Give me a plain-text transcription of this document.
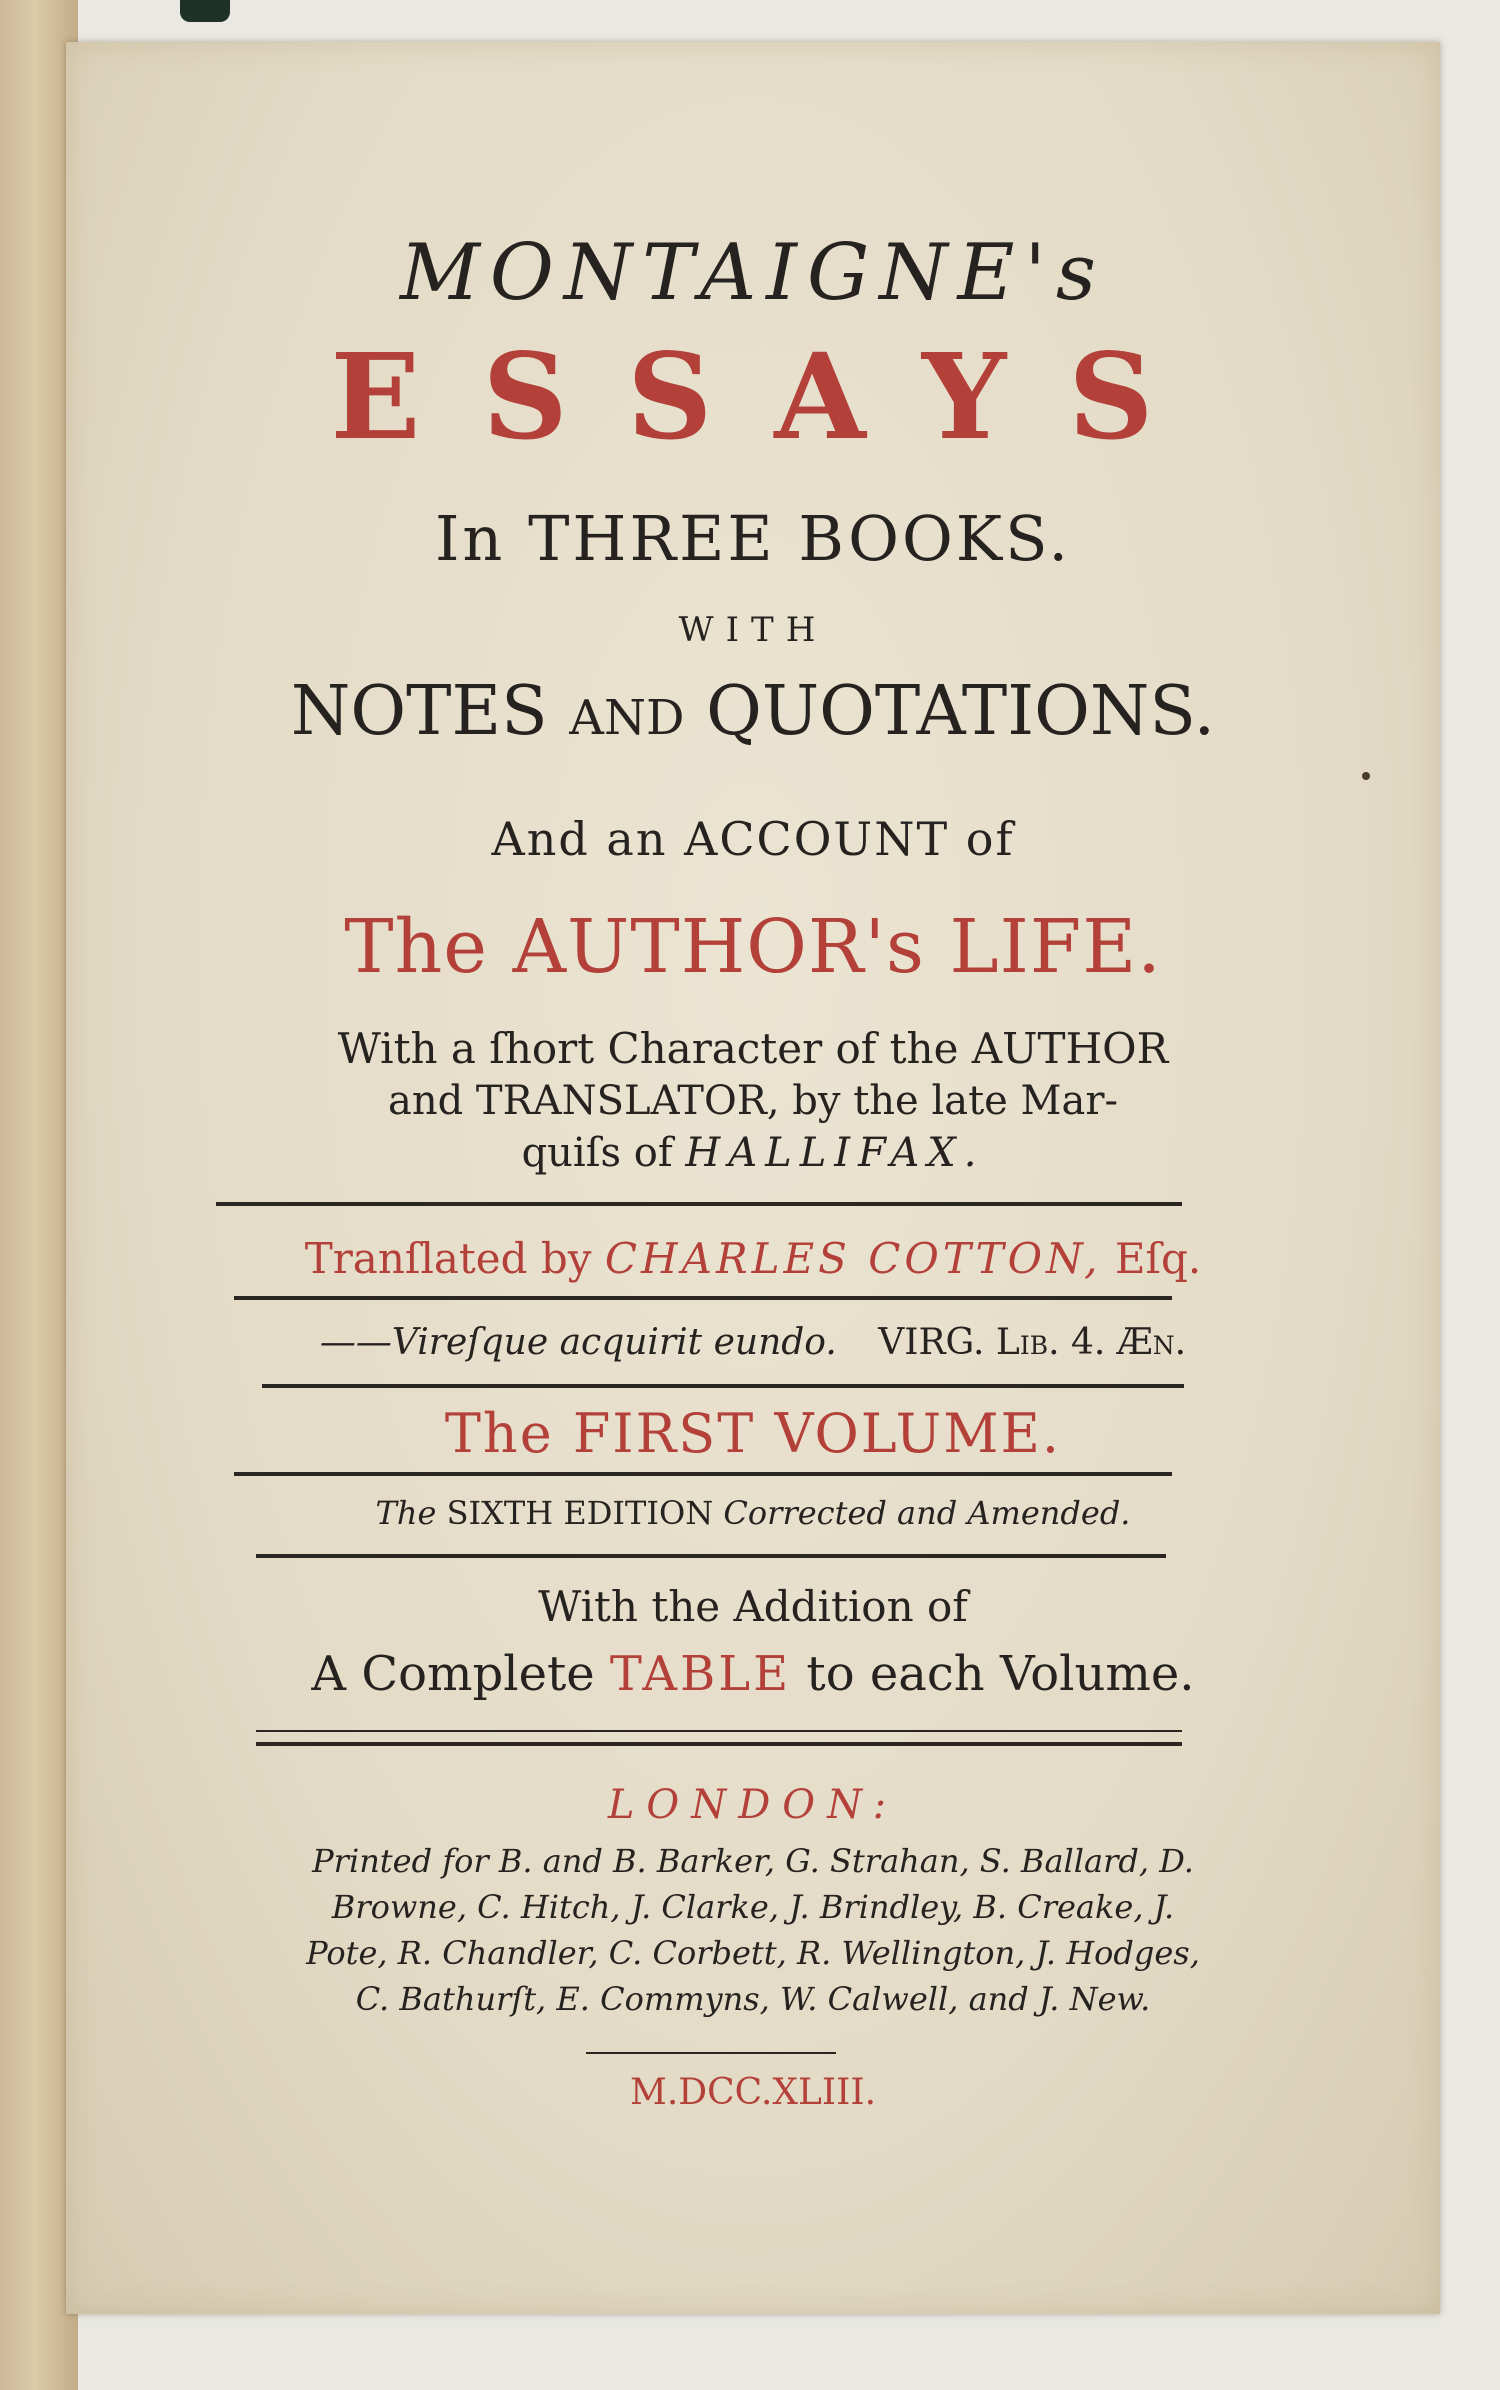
MONTAIGNE's
ESSAYS
In THREE BOOKS.
WITH
NOTES and QUOTATIONS.
And an ACCOUNT of
The AUTHOR's LIFE.
With a ſhort Character of the AUTHOR
and TRANSLATOR, by the late Mar-
quiſs of HALLIFAX.
Tranſlated by CHARLES COTTON, Eſq.
——Vireſque acquirit eundo. VIRG. Lib. 4. Æn.
The FIRST VOLUME.
The SIXTH EDITION Corrected and Amended.
With the Addition of
A Complete TABLE to each Volume.
LONDON:
Printed for B. and B. Barker, G. Strahan, S. Ballard, D.
Browne, C. Hitch, J. Clarke, J. Brindley, B. Creake, J.
Pote, R. Chandler, C. Corbett, R. Wellington, J. Hodges,
C. Bathurſt, E. Commyns, W. Calwell, and J. New.
M.DCC.XLIII.
